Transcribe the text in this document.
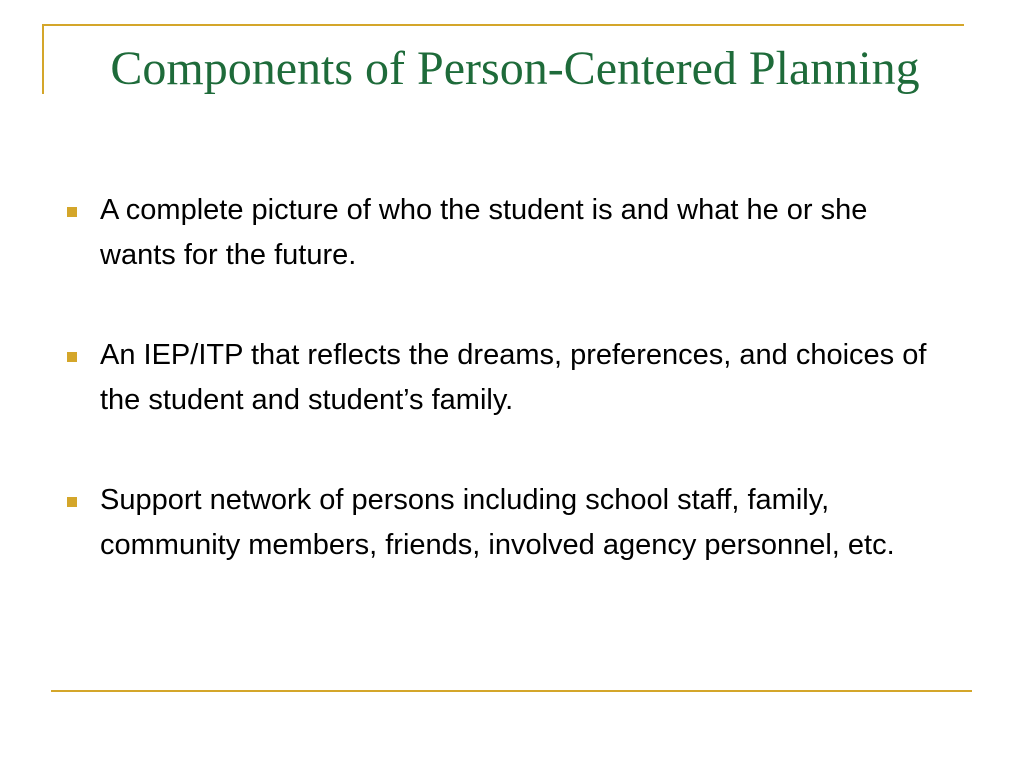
Components of Person-Centered Planning
A complete picture of who the student is and what he or she wants for the future.
An IEP/ITP that reflects the dreams, preferences, and choices of the student and student’s family.
Support network of persons including school staff, family, community members, friends, involved agency personnel, etc.
